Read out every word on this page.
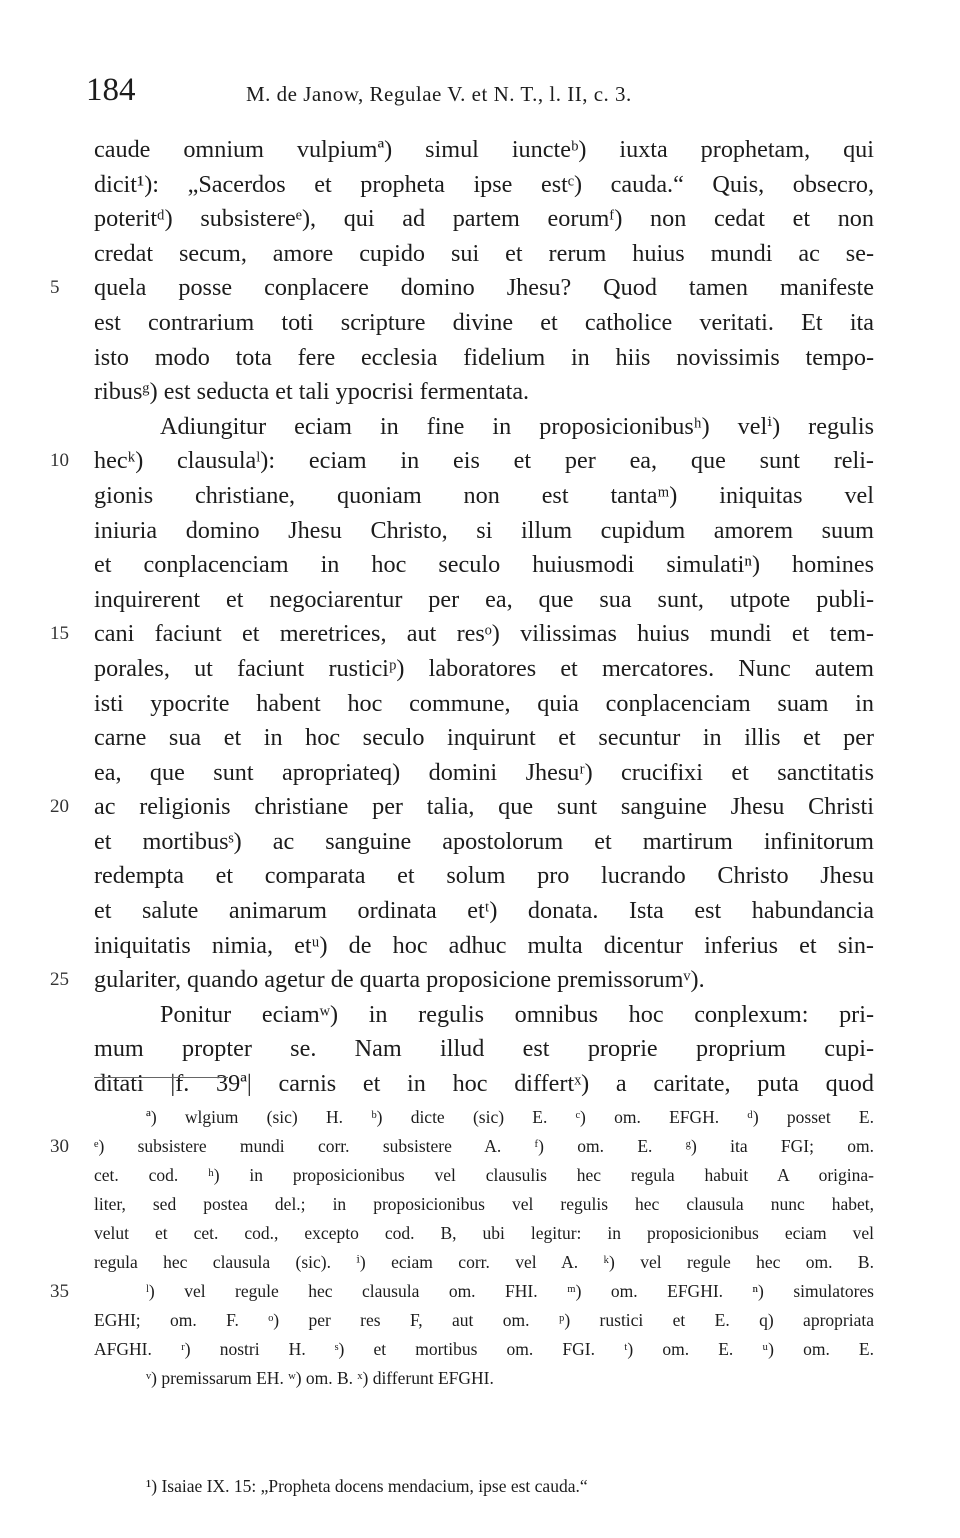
184	M. de Janow, Regulae V. et N. T., l. II, c. 3.
caude omnium vulpiumª) simul iuncteᵇ) iuxta prophetam, qui
dicit¹): „Sacerdos et propheta ipse estᶜ) cauda.“ Quis, obsecro,
poteritᵈ) subsistereᵉ), qui ad partem eorumᶠ) non cedat et non
credat secum, amore cupido sui et rerum huius mundi ac se-
5	quela posse conplacere domino Jhesu? Quod tamen manifeste
est contrarium toti scripture divine et catholice veritati. Et ita
isto modo tota fere ecclesia fidelium in hiis novissimis tempo-
ribusᵍ) est seducta et tali ypocrisi fermentata.
Adiungitur eciam in fine in proposicionibusʰ) velⁱ) regulis
10	hecᵏ) clausulaˡ): eciam in eis et per ea, que sunt reli-
gionis christiane, quoniam non est tantaᵐ) iniquitas vel
iniuria domino Jhesu Christo, si illum cupidum amorem suum
et conplacenciam in hoc seculo huiusmodi simulatiⁿ) homines
inquirerent et negociarentur per ea, que sua sunt, utpote publi-
15	cani faciunt et meretrices, aut resᵒ) vilissimas huius mundi et tem-
porales, ut faciunt rusticiᵖ) laboratores et mercatores. Nunc autem
isti ypocrite habent hoc commune, quia conplacenciam suam in
carne sua et in hoc seculo inquirunt et secuntur in illis et per
ea, que sunt apropriateq) domini Jhesuʳ) crucifixi et sanctitatis
20	ac religionis christiane per talia, que sunt sanguine Jhesu Christi
et mortibusˢ) ac sanguine apostolorum et martirum infinitorum
redempta et comparata et solum pro lucrando Christo Jhesu
et salute animarum ordinata etᵗ) donata. Ista est habundancia
iniquitatis nimia, etᵘ) de hoc adhuc multa dicentur inferius et sin-
25	gulariter, quando agetur de quarta proposicione premissorumᵛ).
Ponitur eciamʷ) in regulis omnibus hoc conplexum: pri-
mum propter se. Nam illud est proprie proprium cupi-
ditati |f. 39ª| carnis et in hoc differtˣ) a caritate, puta quod
ª) wlgium (sic) H. ᵇ) dicte (sic) E. ᶜ) om. EFGH. ᵈ) posset E.
30	ᵉ) subsistere mundi corr. subsistere A. ᶠ) om. E. ᵍ) ita FGI; om.
cet. cod. ʰ) in proposicionibus vel clausulis hec regula habuit A origina-
liter, sed postea del.; in proposicionibus vel regulis hec clausula nunc habet,
velut et cet. cod., excepto cod. B, ubi legitur: in proposicionibus eciam vel
regula hec clausula (sic). ⁱ) eciam corr. vel A. ᵏ) vel regule hec om. B.
35	ˡ) vel regule hec clausula om. FHI. ᵐ) om. EFGHI. ⁿ) simulatores
EGHI; om. F. ᵒ) per res F, aut om. ᵖ) rustici et E. q) apropriata
AFGHI. ʳ) nostri H. ˢ) et mortibus om. FGI. ᵗ) om. E. ᵘ) om. E.
ᵛ) premissarum EH. ʷ) om. B. ˣ) differunt EFGHI.
¹) Isaiae IX. 15: „Propheta docens mendacium, ipse est cauda.“
